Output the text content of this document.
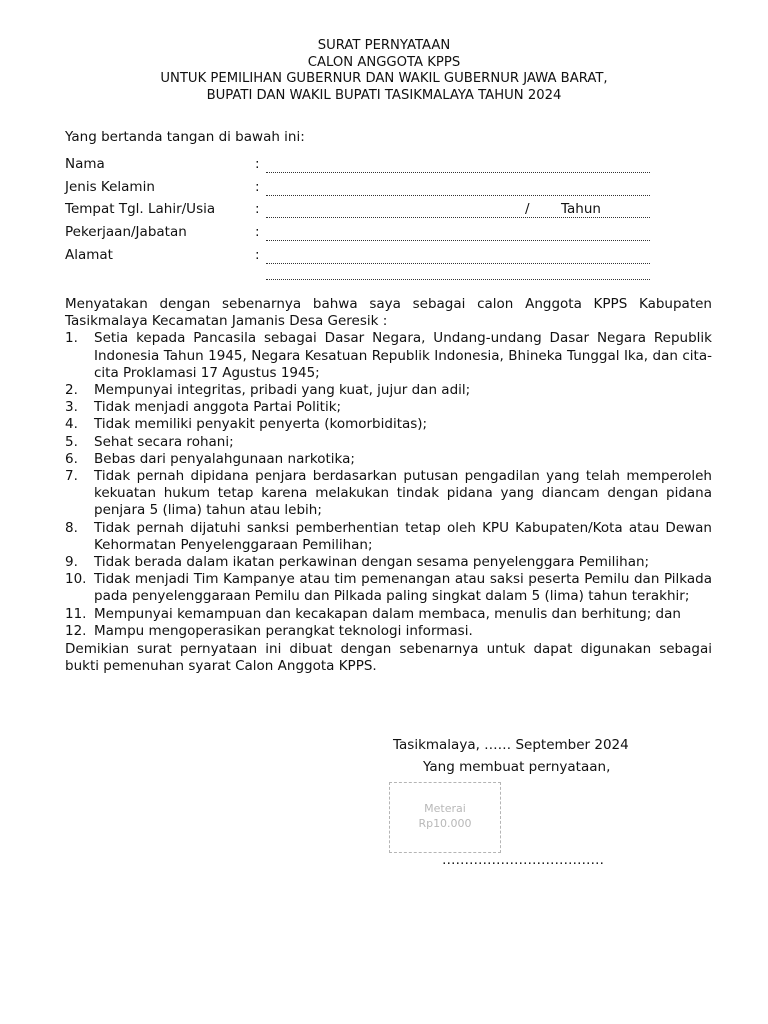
SURAT PERNYATAAN
CALON ANGGOTA KPPS
UNTUK PEMILIHAN GUBERNUR DAN WAKIL GUBERNUR JAWA BARAT,
BUPATI DAN WAKIL BUPATI TASIKMALAYA TAHUN 2024
Yang bertanda tangan di bawah ini:
Nama	:
Jenis Kelamin	:
Tempat Tgl. Lahir/Usia	:	/ Tahun
Pekerjaan/Jabatan	:
Alamat	:
Menyatakan dengan sebenarnya bahwa saya sebagai calon Anggota KPPS Kabupaten Tasikmalaya Kecamatan Jamanis Desa Geresik :
1. Setia kepada Pancasila sebagai Dasar Negara, Undang-undang Dasar Negara Republik Indonesia Tahun 1945, Negara Kesatuan Republik Indonesia, Bhineka Tunggal Ika, dan cita-cita Proklamasi 17 Agustus 1945;
2. Mempunyai integritas, pribadi yang kuat, jujur dan adil;
3. Tidak menjadi anggota Partai Politik;
4. Tidak memiliki penyakit penyerta (komorbiditas);
5. Sehat secara rohani;
6. Bebas dari penyalahgunaan narkotika;
7. Tidak pernah dipidana penjara berdasarkan putusan pengadilan yang telah memperoleh kekuatan hukum tetap karena melakukan tindak pidana yang diancam dengan pidana penjara 5 (lima) tahun atau lebih;
8. Tidak pernah dijatuhi sanksi pemberhentian tetap oleh KPU Kabupaten/Kota atau Dewan Kehormatan Penyelenggaraan Pemilihan;
9. Tidak berada dalam ikatan perkawinan dengan sesama penyelenggara Pemilihan;
10. Tidak menjadi Tim Kampanye atau tim pemenangan atau saksi peserta Pemilu dan Pilkada pada penyelenggaraan Pemilu dan Pilkada paling singkat dalam 5 (lima) tahun terakhir;
11. Mempunyai kemampuan dan kecakapan dalam membaca, menulis dan berhitung; dan
12. Mampu mengoperasikan perangkat teknologi informasi.
Demikian surat pernyataan ini dibuat dengan sebenarnya untuk dapat digunakan sebagai bukti pemenuhan syarat Calon Anggota KPPS.
Tasikmalaya, …… September 2024
Yang membuat pernyataan,
Meterai
Rp10.000
………………………………
